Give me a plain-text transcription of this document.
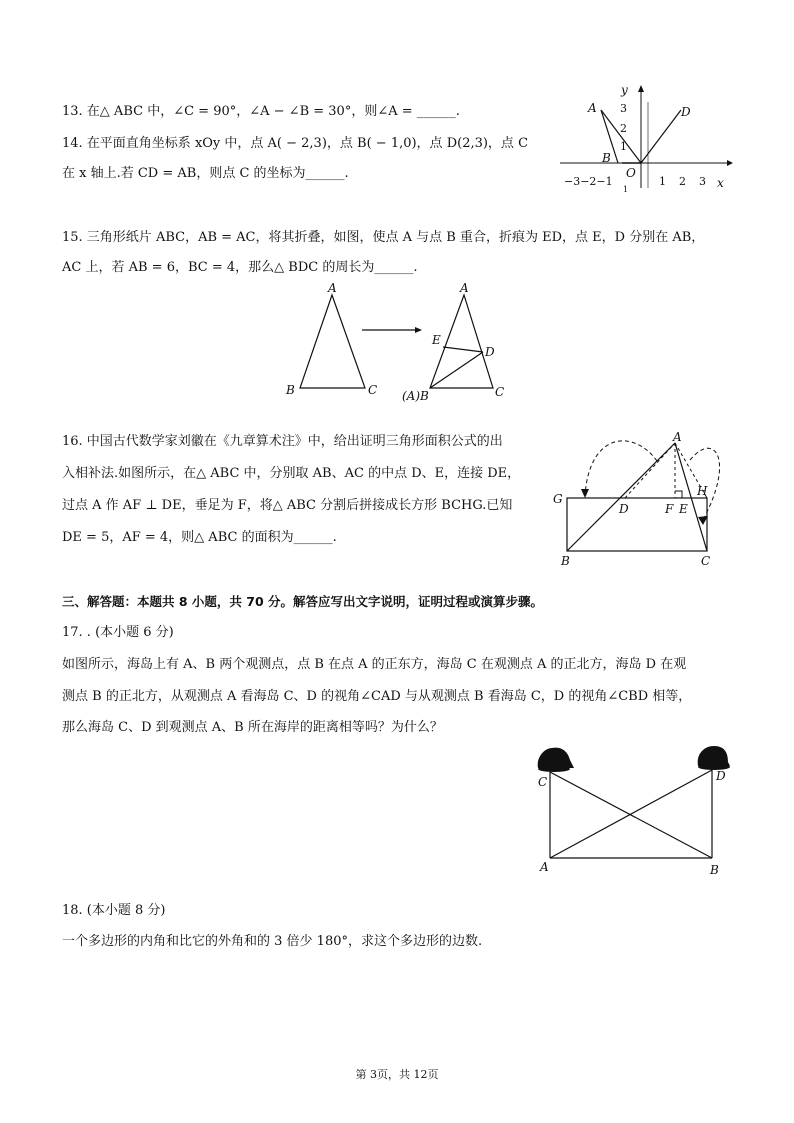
13. 在△ ABC 中，∠C = 90°，∠A − ∠B = 30°，则∠A = ______.
14. 在平面直角坐标系 xOy 中，点 A( − 2,3)，点 B( − 1,0)，点 D(2,3)，点 C
在 x 轴上.若 CD = AB，则点 C 的坐标为______.
A
B
O
D
y
x
3
2
1
−3−2−1	1 2 3
1
15. 三角形纸片 ABC，AB = AC，将其折叠，如图，使点 A 与点 B 重合，折痕为 ED，点 E，D 分别在 AB，
AC 上，若 AB = 6，BC = 4，那么△ BDC 的周长为______.
A
B	C
A
E
D
(A)B	C
16. 中国古代数学家刘徽在《九章算术注》中，给出证明三角形面积公式的出
入相补法.如图所示，在△ ABC 中，分别取 AB、AC 的中点 D、E，连接 DE，
过点 A 作 AF ⊥ DE，垂足为 F，将△ ABC 分割后拼接成长方形 BCHG.已知
DE = 5，AF = 4，则△ ABC 的面积为______.
A
G
D	F E
H
B	C
三、解答题：本题共 8 小题，共 70 分。解答应写出文字说明，证明过程或演算步骤。
17. . (本小题 6 分)
如图所示，海岛上有 A、B 两个观测点，点 B 在点 A 的正东方，海岛 C 在观测点 A 的正北方，海岛 D 在观
测点 B 的正北方，从观测点 A 看海岛 C、D 的视角∠CAD 与从观测点 B 看海岛 C，D 的视角∠CBD 相等，
那么海岛 C、D 到观测点 A、B 所在海岸的距离相等吗？为什么？
C	D
A	B
18. (本小题 8 分)
一个多边形的内角和比它的外角和的 3 倍少 180°，求这个多边形的边数.
第 3页，共 12页
